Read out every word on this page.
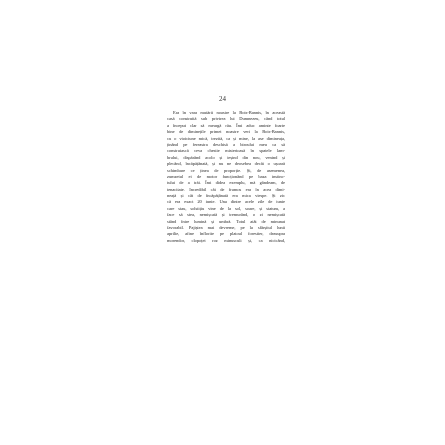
24
Era în vara mutării noastre la Bois-Bannis, în această
casă construită sub privirea lui Dumnezeu, când totul
a început clar să meargă rău. Îmi aduc aminte foarte
bine de diminețile primei noastre veri la Bois-Bannis,
cu o vioiciune mică, trezită, ca și mine, la ase dimineața,
ținând pe fereastra deschisă a biroului meu ca să
construiască ceva chestie misterioasă în spatele lam-
brului, dispărând acolo și ieșind din nou, venind și
plecând, încăpățânată, și nu ne deosebea decât o ușoară
schimbare ce ținea de proporție. Și, de asemenea,
zumzetul ei de motor funcționând pe baza instinc-
tului de a trăi. Îmi didea exemplu, mă gândeam, de
tenacitate. Incredibil cât de frumos era în acea dimi-
neață și cât de încăpățânată era mica viespe. Și zic
că era exact 20 iunie. Una dintre acele zile de iunie
care stau, solstițiu vine de la sol, soare, și statum, a
face să stea, nemișcată și tremurând, o zi nemișcată
stând între lumină și umbră. Totul atât de minunat
favorabil. Pajiștea mai devreme, pe la sfârșitul lunii
aprilie, afine înflorite pe platoul forestier, deasupra
morendor, clopoței roz minusculi și, ca nicicând,
